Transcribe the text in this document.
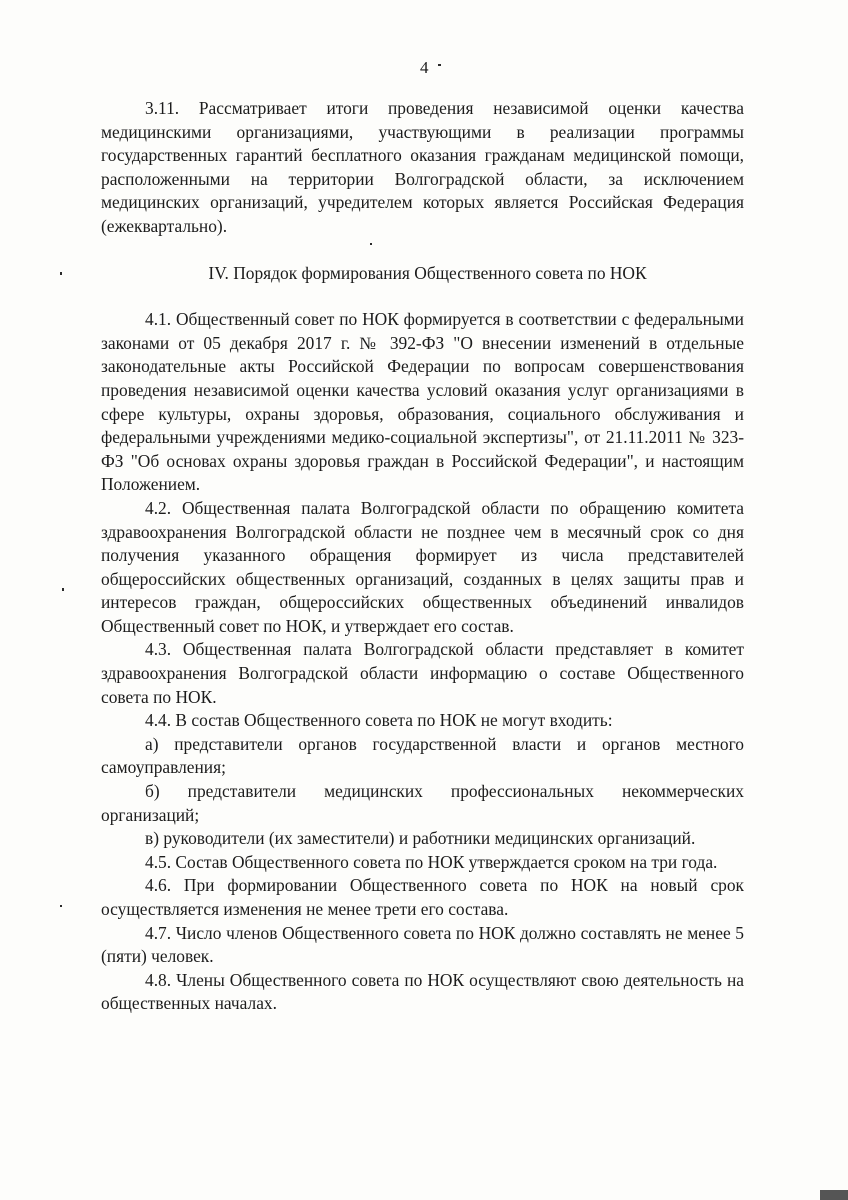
4

3.11. Рассматривает итоги проведения независимой оценки качества медицинскими организациями, участвующими в реализации программы государственных гарантий бесплатного оказания гражданам медицинской помощи, расположенными на территории Волгоградской области, за исключением медицинских организаций, учредителем которых является Российская Федерация (ежеквартально).

IV. Порядок формирования Общественного совета по НОК

4.1. Общественный совет по НОК формируется в соответствии с федеральными законами от 05 декабря 2017 г. № 392-ФЗ "О внесении изменений в отдельные законодательные акты Российской Федерации по вопросам совершенствования проведения независимой оценки качества условий оказания услуг организациями в сфере культуры, охраны здоровья, образования, социального обслуживания и федеральными учреждениями медико-социальной экспертизы", от 21.11.2011 № 323-ФЗ "Об основах охраны здоровья граждан в Российской Федерации", и настоящим Положением.

4.2. Общественная палата Волгоградской области по обращению комитета здравоохранения Волгоградской области не позднее чем в месячный срок со дня получения указанного обращения формирует из числа представителей общероссийских общественных организаций, созданных в целях защиты прав и интересов граждан, общероссийских общественных объединений инвалидов Общественный совет по НОК, и утверждает его состав.

4.3. Общественная палата Волгоградской области представляет в комитет здравоохранения Волгоградской области информацию о составе Общественного совета по НОК.

4.4. В состав Общественного совета по НОК не могут входить:

а) представители органов государственной власти и органов местного самоуправления;

б) представители медицинских профессиональных некоммерческих организаций;

в) руководители (их заместители) и работники медицинских организаций.

4.5. Состав Общественного совета по НОК утверждается сроком на три года.

4.6. При формировании Общественного совета по НОК на новый срок осуществляется изменения не менее трети его состава.

4.7. Число членов Общественного совета по НОК должно составлять не менее 5 (пяти) человек.

4.8. Члены Общественного совета по НОК осуществляют свою деятельность на общественных началах.
